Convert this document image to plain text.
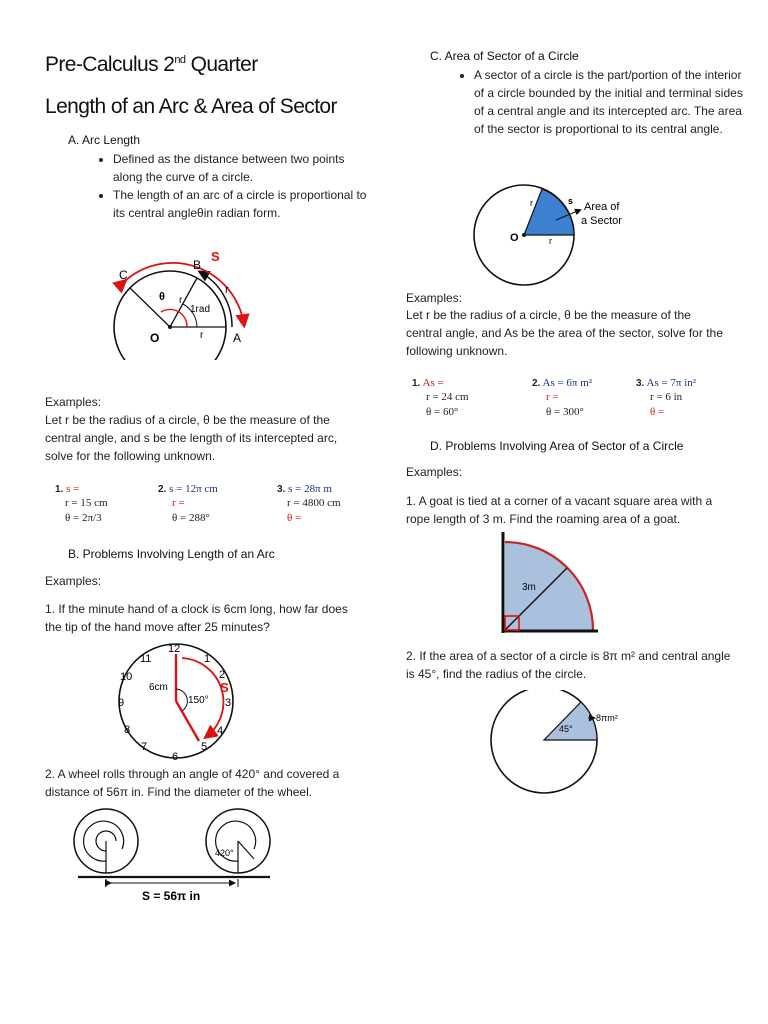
Pre-Calculus 2nd Quarter
Length of an Arc & Area of Sector
A. Arc Length
• Defined as the distance between two points along the curve of a circle.
• The length of an arc of a circle is proportional to its central angleθin radian form.
C
B
S
θ r
1rad
r
r
O	A
Examples:
Let r be the radius of a circle, θ be the measure of the central angle, and s be the length of its intercepted arc, solve for the following unknown.
1. s =
r = 15 cm
θ = 2π/3
2. s = 12π cm
r =
θ = 288°
3. s = 28π m
r = 4800 cm
θ =
B. Problems Involving Length of an Arc
Examples:
1. If the minute hand of a clock is 6cm long, how far does the tip of the hand move after 25 minutes?
12
1
2
3
4
5
6
7
8
9
10
11
6cm
150°
S
2. A wheel rolls through an angle of 420° and covered a distance of 56π in. Find the diameter of the wheel.
420°
S = 56π in
C. Area of Sector of a Circle
• A sector of a circle is the part/portion of the interior of a circle bounded by the initial and terminal sides of a central angle and its intercepted arc. The area of the sector is proportional to its central angle.
r	s
O	r
Area of
a Sector
Examples:
Let r be the radius of a circle, θ be the measure of the central angle, and As be the area of the sector, solve for the following unknown.
1. As =
r = 24 cm
θ = 60°
2. As = 6π m²
r =
θ = 300°
3. As = 7π in²
r = 6 in
θ =
D. Problems Involving Area of Sector of a Circle
Examples:
1. A goat is tied at a corner of a vacant square area with a rope length of 3 m. Find the roaming area of a goat.
3m
2. If the area of a sector of a circle is 8π m² and central angle is 45°, find the radius of the circle.
45°
8πm²
